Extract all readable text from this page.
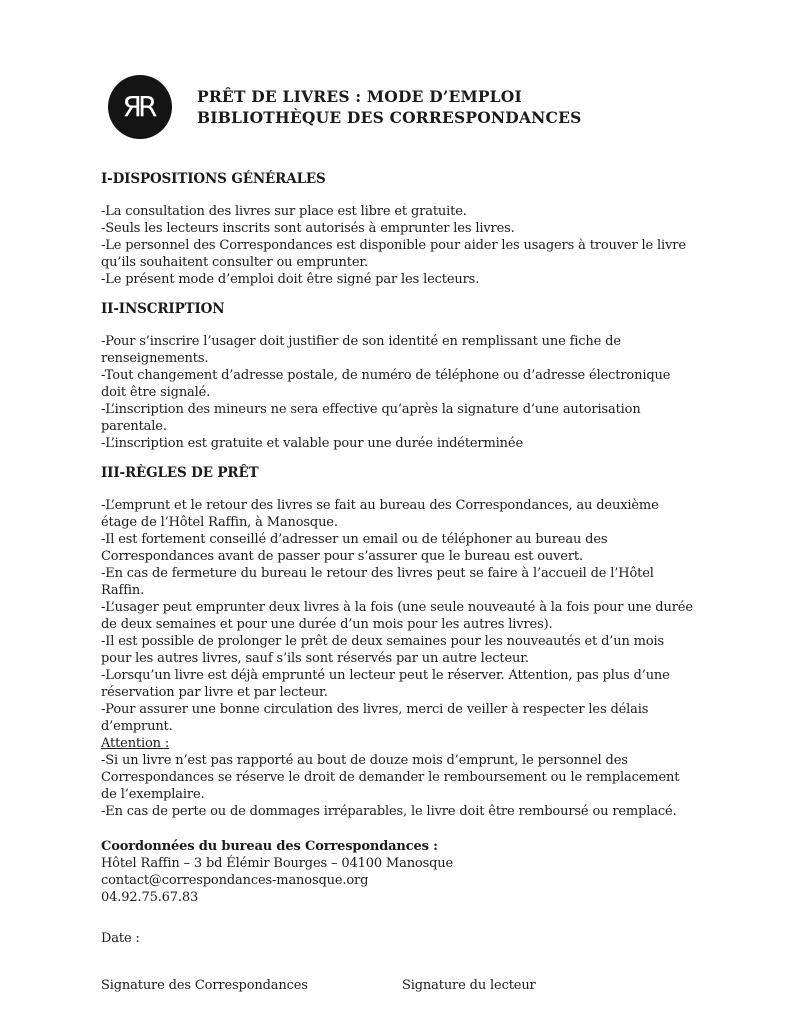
ЯR	PRÊT DE LIVRES : MODE D’EMPLOI
BIBLIOTHÈQUE DES CORRESPONDANCES
I-DISPOSITIONS GÉNÉRALES
-La consultation des livres sur place est libre et gratuite.
-Seuls les lecteurs inscrits sont autorisés à emprunter les livres.
-Le personnel des Correspondances est disponible pour aider les usagers à trouver le livre qu’ils souhaitent consulter ou emprunter.
-Le présent mode d’emploi doit être signé par les lecteurs.
II-INSCRIPTION
-Pour s’inscrire l’usager doit justifier de son identité en remplissant une fiche de renseignements.
-Tout changement d’adresse postale, de numéro de téléphone ou d’adresse électronique doit être signalé.
-L’inscription des mineurs ne sera effective qu’après la signature d’une autorisation parentale.
-L’inscription est gratuite et valable pour une durée indéterminée
III-RÈGLES DE PRÊT
-L’emprunt et le retour des livres se fait au bureau des Correspondances, au deuxième étage de l’Hôtel Raffin, à Manosque.
-Il est fortement conseillé d’adresser un email ou de téléphoner au bureau des Correspondances avant de passer pour s’assurer que le bureau est ouvert.
-En cas de fermeture du bureau le retour des livres peut se faire à l’accueil de l’Hôtel Raffin.
-L’usager peut emprunter deux livres à la fois (une seule nouveauté à la fois pour une durée de deux semaines et pour une durée d’un mois pour les autres livres).
-Il est possible de prolonger le prêt de deux semaines pour les nouveautés et d’un mois pour les autres livres, sauf s’ils sont réservés par un autre lecteur.
-Lorsqu’un livre est déjà emprunté un lecteur peut le réserver. Attention, pas plus d’une réservation par livre et par lecteur.
-Pour assurer une bonne circulation des livres, merci de veiller à respecter les délais d’emprunt.
Attention :
-Si un livre n’est pas rapporté au bout de douze mois d’emprunt, le personnel des Correspondances se réserve le droit de demander le remboursement ou le remplacement de l’exemplaire.
-En cas de perte ou de dommages irréparables, le livre doit être remboursé ou remplacé.
Coordonnées du bureau des Correspondances :
Hôtel Raffin – 3 bd Élémir Bourges – 04100 Manosque
contact@correspondances-manosque.org
04.92.75.67.83
Date :
Signature des Correspondances	Signature du lecteur
